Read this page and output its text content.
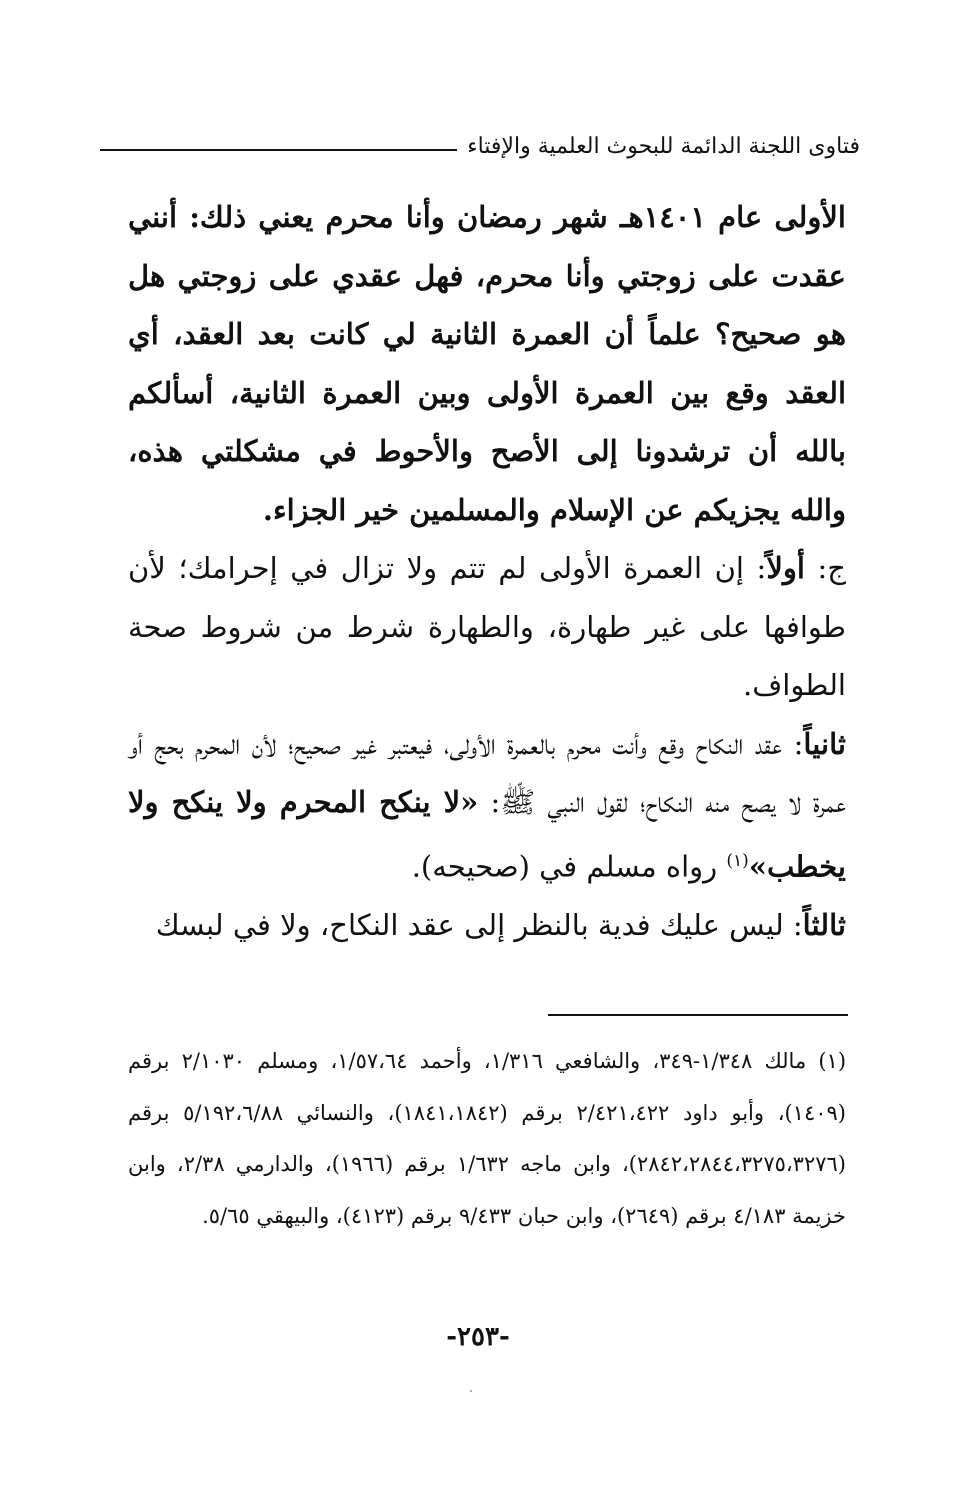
فتاوى اللجنة الدائمة للبحوث العلمية والإفتاء

الأولى عام ١٤٠١هـ شهر رمضان وأنا محرم يعني ذلك: أنني عقدت على زوجتي وأنا محرم، فهل عقدي على زوجتي هل هو صحيح؟ علماً أن العمرة الثانية لي كانت بعد العقد، أي العقد وقع بين العمرة الأولى وبين العمرة الثانية، أسألكم بالله أن ترشدونا إلى الأصح والأحوط في مشكلتي هذه، والله يجزيكم عن الإسلام والمسلمين خير الجزاء.

ج: أولاً: إن العمرة الأولى لم تتم ولا تزال في إحرامك؛ لأن طوافها على غير طهارة، والطهارة شرط من شروط صحة الطواف.

ثانياً: عقد النكاح وقع وأنت محرم بالعمرة الأولى، فيعتبر غير صحيح؛ لأن المحرم بحج أو عمرة لا يصح منه النكاح؛ لقول النبي ﷺ: «لا ينكح المحرم ولا ينكح ولا يخطب»$^{(١)}$ رواه مسلم في (صحيحه).

ثالثاً: ليس عليك فدية بالنظر إلى عقد النكاح، ولا في لبسك

(١) مالك ١/٣٤٨-٣٤٩، والشافعي ١/٣١٦، وأحمد ١/٥٧،٦٤، ومسلم ٢/١٠٣٠ برقم (١٤٠٩)، وأبو داود ٢/٤٢١،٤٢٢ برقم (١٨٤١،١٨٤٢)، والنسائي ٥/١٩٢،٦/٨٨ برقم (٢٨٤٢،٢٨٤٤،٣٢٧٥،٣٢٧٦)، وابن ماجه ١/٦٣٢ برقم (١٩٦٦)، والدارمي ٢/٣٨، وابن خزيمة ٤/١٨٣ برقم (٢٦٤٩)، وابن حبان ٩/٤٣٣ برقم (٤١٢٣)، والبيهقي ٥/٦٥.

-٢٥٣-
